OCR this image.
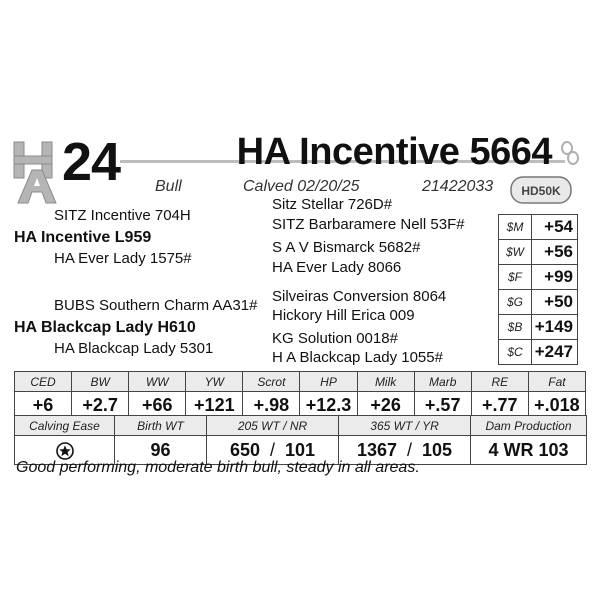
24	HA Incentive 5664
Bull	Calved 02/20/25	21422033 HD50K
SITZ Incentive 704H
HA Incentive L959
HA Ever Lady 1575#
Sitz Stellar 726D#
SITZ Barbaramere Nell 53F#
S A V Bismarck 5682#
HA Ever Lady 8066
BUBS Southern Charm AA31#
HA Blackcap Lady H610
HA Blackcap Lady 5301
Silveiras Conversion 8064
Hickory Hill Erica 009
KG Solution 0018#
H A Blackcap Lady 1055#
$M	+54
$W	+56
$F	+99
$G	+50
$B	+149
$C	+247
CED	BW	WW	YW	Scrot	HP	Milk	Marb	RE	Fat
+6	+2.7	+66	+121	+.98	+12.3	+26	+.57	+.77	+.018
Calving Ease	Birth WT	205 WT / NR	365 WT / YR	Dam Production
	96	650 / 101	1367 / 105	4 WR 103
Good performing, moderate birth bull, steady in all areas.
